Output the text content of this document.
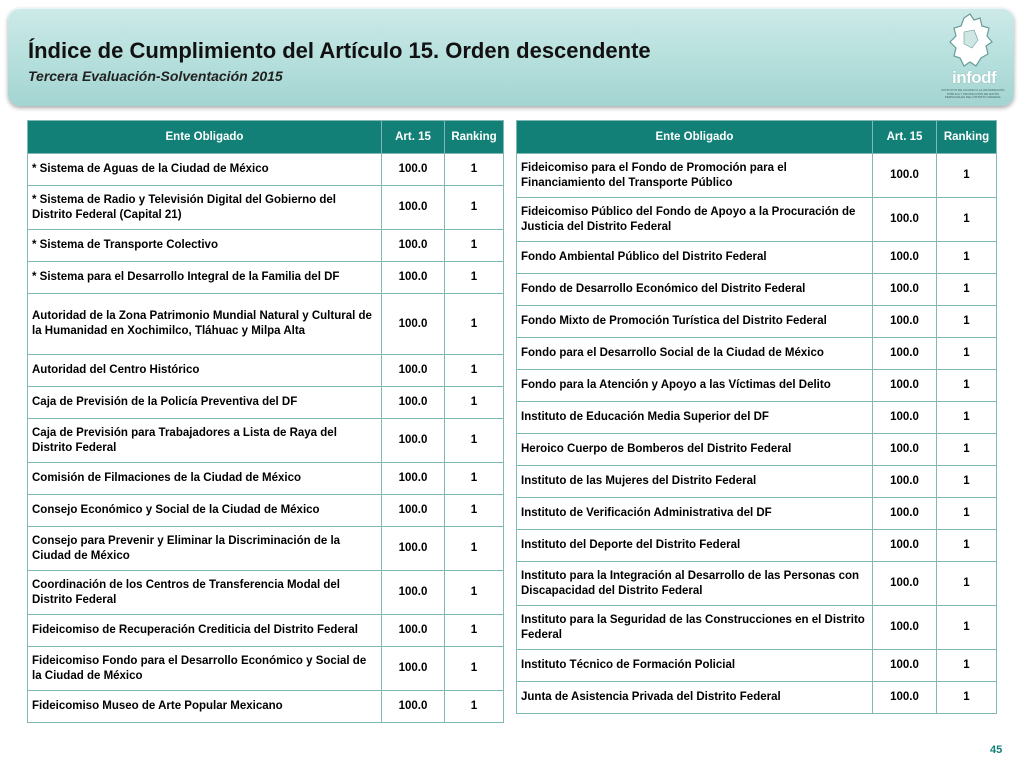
Índice de Cumplimiento del Artículo 15. Orden descendente
Tercera Evaluación-Solventación 2015	infodf
INSTITUTO DE ACCESO A LA INFORMACIÓN PÚBLICA Y PROTECCIÓN DE DATOS PERSONALES DEL DISTRITO FEDERAL
Ente Obligado	Art. 15	Ranking
* Sistema de Aguas de la Ciudad de México	100.0	1
* Sistema de Radio y Televisión Digital del Gobierno del Distrito Federal (Capital 21)	100.0	1
* Sistema de Transporte Colectivo	100.0	1
* Sistema para el Desarrollo Integral de la Familia del DF	100.0	1
Autoridad de la Zona Patrimonio Mundial Natural y Cultural de la Humanidad en Xochimilco, Tláhuac y Milpa Alta	100.0	1
Autoridad del Centro Histórico	100.0	1
Caja de Previsión de la Policía Preventiva del DF	100.0	1
Caja de Previsión para Trabajadores a Lista de Raya del Distrito Federal	100.0	1
Comisión de Filmaciones de la Ciudad de México	100.0	1
Consejo Económico y Social de la Ciudad de México	100.0	1
Consejo para Prevenir y Eliminar la Discriminación de la Ciudad de México	100.0	1
Coordinación de los Centros de Transferencia Modal del Distrito Federal	100.0	1
Fideicomiso de Recuperación Crediticia del Distrito Federal	100.0	1
Fideicomiso Fondo para el Desarrollo Económico y Social de la Ciudad de México	100.0	1
Fideicomiso Museo de Arte Popular Mexicano	100.0	1
Ente Obligado	Art. 15	Ranking
Fideicomiso para el Fondo de Promoción para el Financiamiento del Transporte Público	100.0	1
Fideicomiso Público del Fondo de Apoyo a la Procuración de Justicia del Distrito Federal	100.0	1
Fondo Ambiental Público del Distrito Federal	100.0	1
Fondo de Desarrollo Económico del Distrito Federal	100.0	1
Fondo Mixto de Promoción Turística del Distrito Federal	100.0	1
Fondo para el Desarrollo Social de la Ciudad de México	100.0	1
Fondo para la Atención y Apoyo a las Víctimas del Delito	100.0	1
Instituto de Educación Media Superior del DF	100.0	1
Heroico Cuerpo de Bomberos del Distrito Federal	100.0	1
Instituto de las Mujeres del Distrito Federal	100.0	1
Instituto de Verificación Administrativa del DF	100.0	1
Instituto del Deporte del Distrito Federal	100.0	1
Instituto para la Integración al Desarrollo de las Personas con Discapacidad del Distrito Federal	100.0	1
Instituto para la Seguridad de las Construcciones en el Distrito Federal	100.0	1
Instituto Técnico de Formación Policial	100.0	1
Junta de Asistencia Privada del Distrito Federal	100.0	1
45
